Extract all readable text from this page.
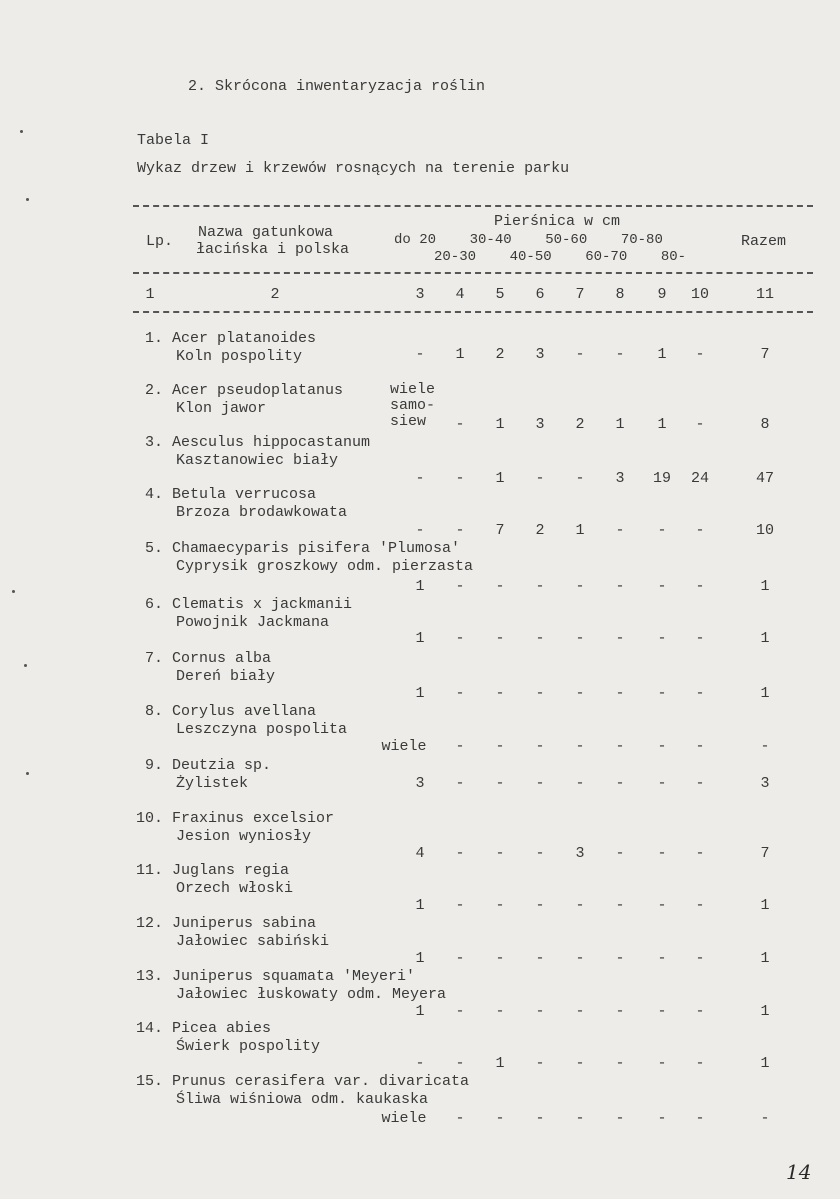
2. Skrócona inwentaryzacja roślin
Tabela I
Wykaz drzew i krzewów rosnących na terenie parku
Lp.
Nazwa gatunkowa
łacińska i polska
Pierśnica w cm
do 20    30-40    50-60    70-80
20-30    40-50    60-70    80-
Razem
1	2	3	4	5	6	7	8	9	10	11
1. Acer platanoides
Koln pospolity	-	1	2	3	-	-	1	-	7
2. Acer pseudoplatanus
Klon jawor
wiele
samo-
siew	-	1	3	2	1	1	-	8
3. Aesculus hippocastanum
Kasztanowiec biały
-	-	1	-	-	3	19	24	47
4. Betula verrucosa
Brzoza brodawkowata
-	-	7	2	1	-	-	-	10
5. Chamaecyparis pisifera 'Plumosa'
Cyprysik groszkowy odm. pierzasta
1	-	-	-	-	-	-	-	1
6. Clematis x jackmanii
Powojnik Jackmana
1	-	-	-	-	-	-	-	1
7. Cornus alba
Dereń biały
1	-	-	-	-	-	-	-	1
8. Corylus avellana
Leszczyna pospolita
wiele	-	-	-	-	-	-	-	-
9. Deutzia sp.
Żylistek	3	-	-	-	-	-	-	-	3
10. Fraxinus excelsior
Jesion wyniosły
4	-	-	-	3	-	-	-	7
11. Juglans regia
Orzech włoski
1	-	-	-	-	-	-	-	1
12. Juniperus sabina
Jałowiec sabiński
1	-	-	-	-	-	-	-	1
13. Juniperus squamata 'Meyeri'
Jałowiec łuskowaty odm. Meyera
1	-	-	-	-	-	-	-	1
14. Picea abies
Świerk pospolity
-	-	1	-	-	-	-	-	1
15. Prunus cerasifera var. divaricata
Śliwa wiśniowa odm. kaukaska
wiele	-	-	-	-	-	-	-	-
14
